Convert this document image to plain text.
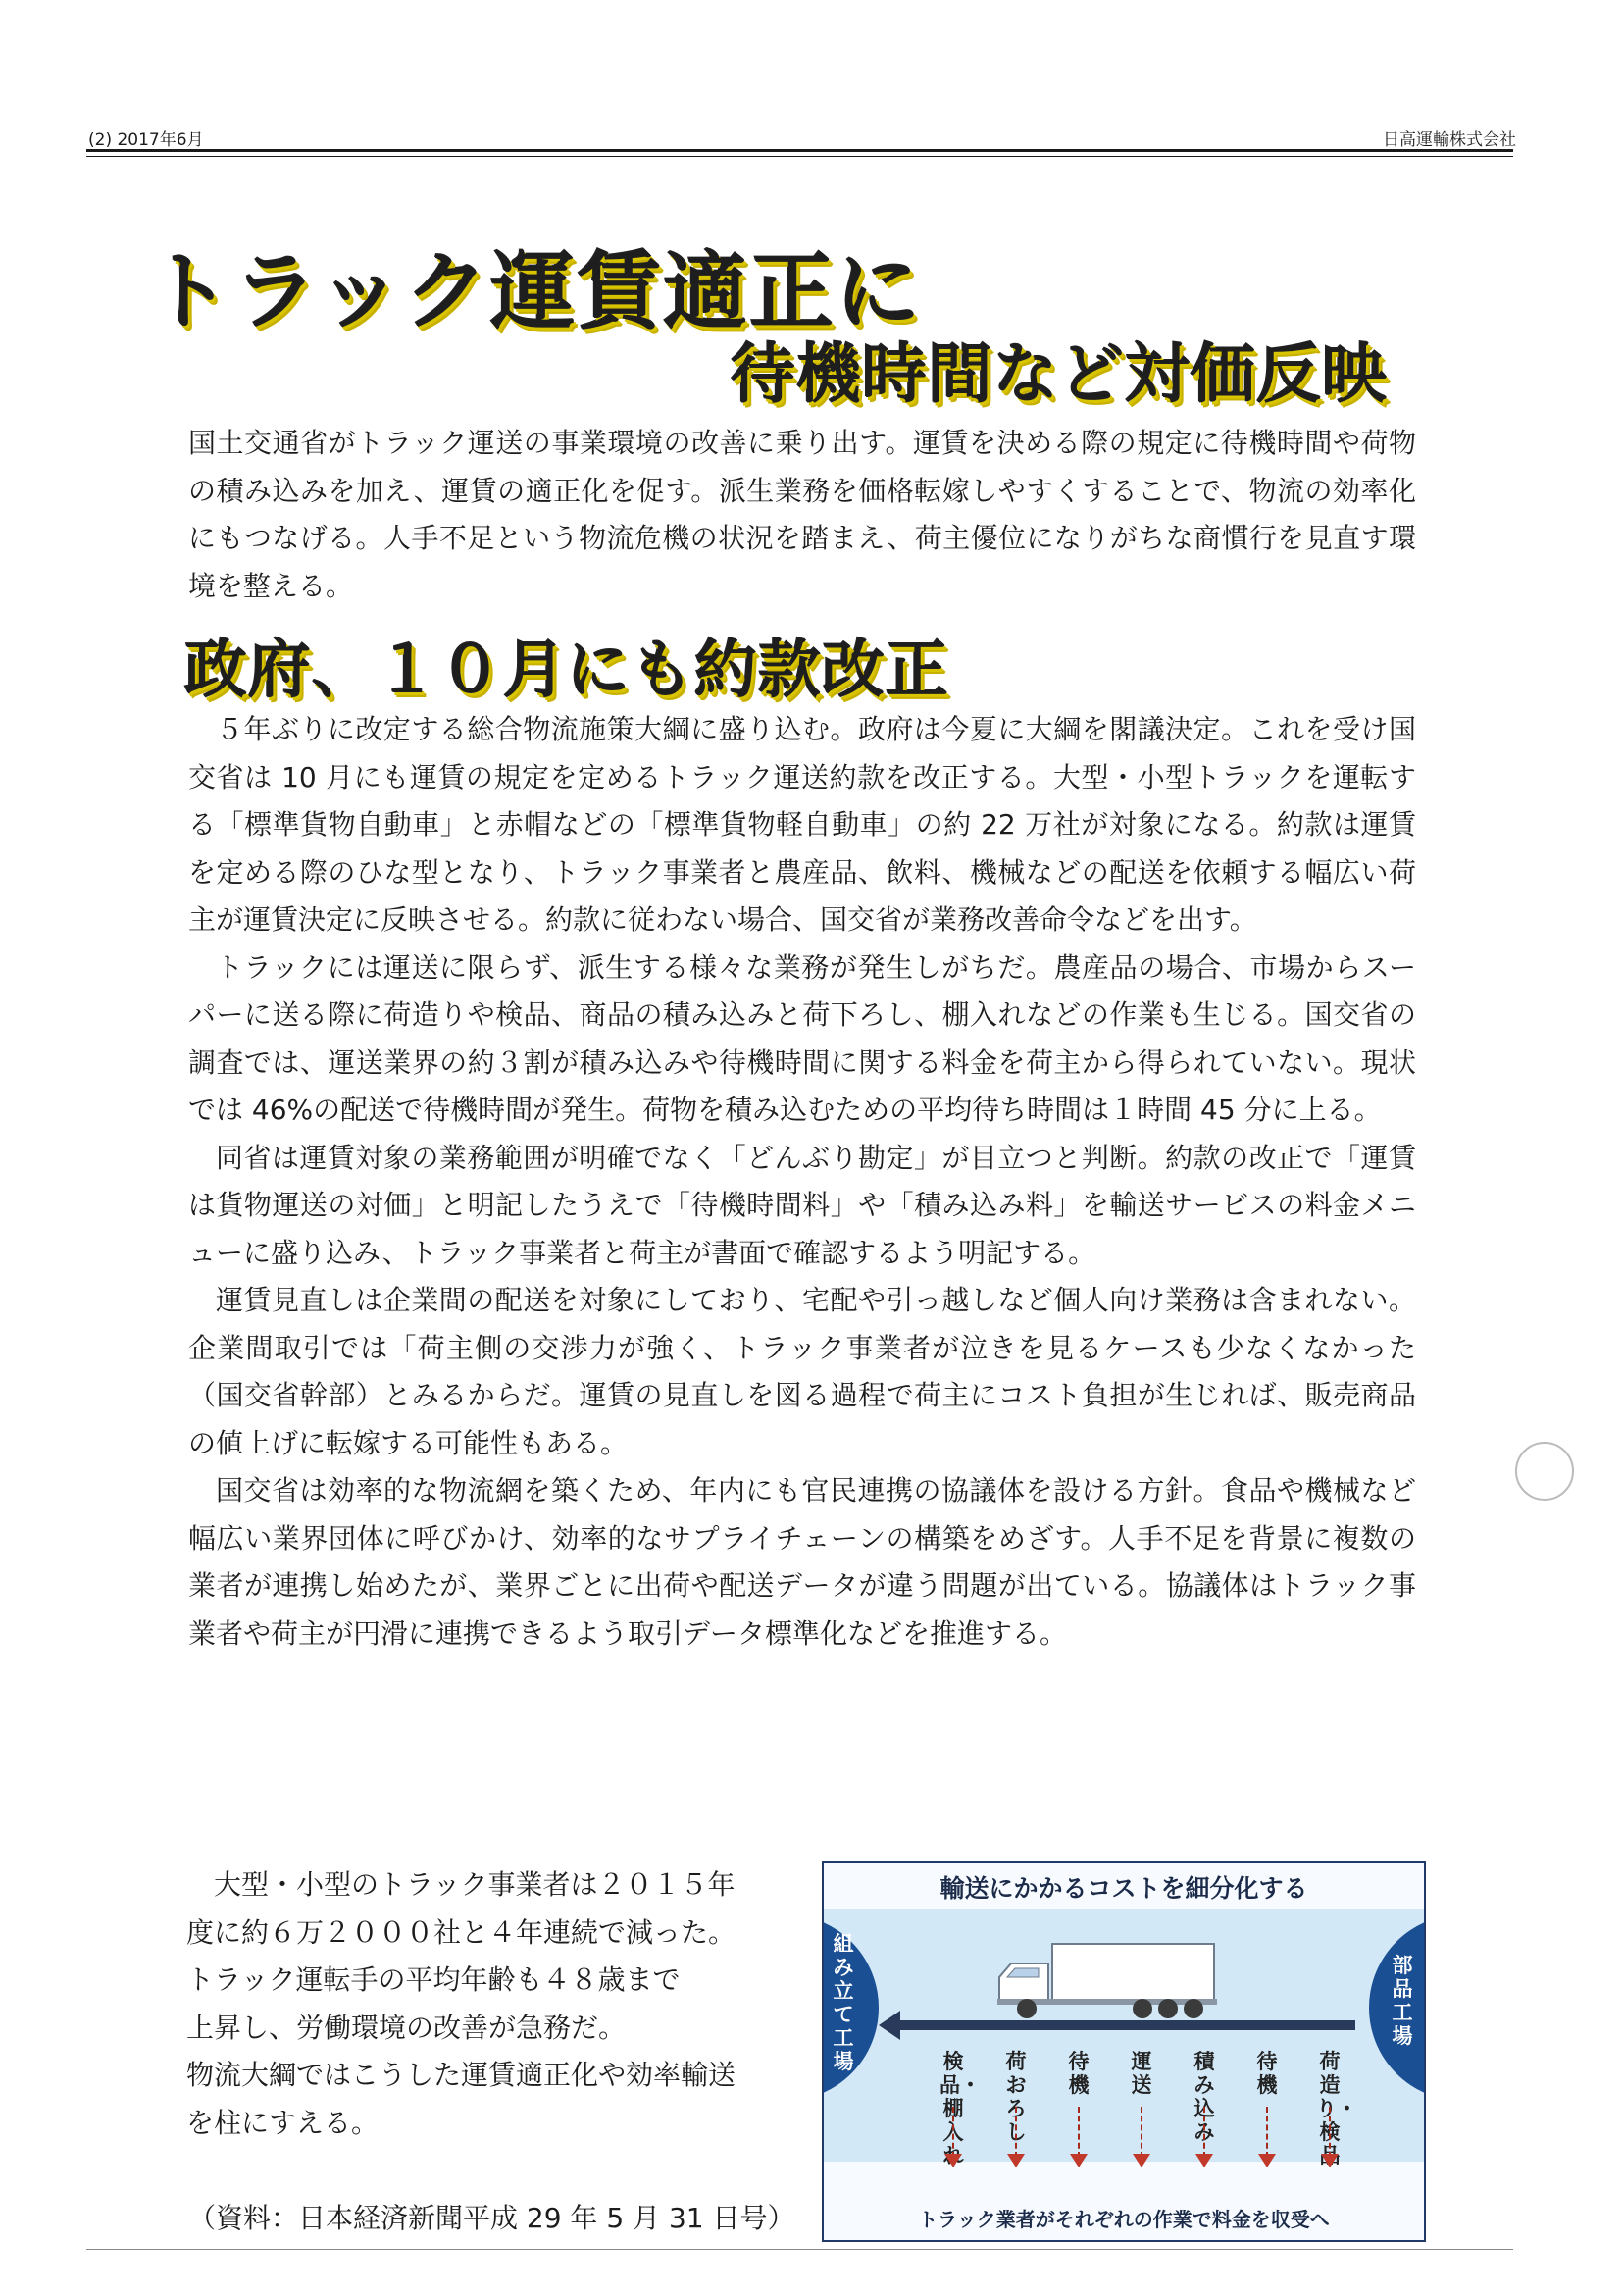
(2) 2017年6月	日高運輸株式会社
トラック運賃適正に
待機時間など対価反映
国土交通省がトラック運送の事業環境の改善に乗り出す。運賃を決める際の規定に待機時間や荷物の積み込みを加え、運賃の適正化を促す。派生業務を価格転嫁しやすくすることで、物流の効率化にもつなげる。人手不足という物流危機の状況を踏まえ、荷主優位になりがちな商慣行を見直す環境を整える。
政府、１０月にも約款改正

５年ぶりに改定する総合物流施策大綱に盛り込む。政府は今夏に大綱を閣議決定。これを受け国交省は 10 月にも運賃の規定を定めるトラック運送約款を改正する。大型・小型トラックを運転する「標準貨物自動車」と赤帽などの「標準貨物軽自動車」の約 22 万社が対象になる。約款は運賃を定める際のひな型となり、トラック事業者と農産品、飲料、機械などの配送を依頼する幅広い荷主が運賃決定に反映させる。約款に従わない場合、国交省が業務改善命令などを出す。

トラックには運送に限らず、派生する様々な業務が発生しがちだ。農産品の場合、市場からスーパーに送る際に荷造りや検品、商品の積み込みと荷下ろし、棚入れなどの作業も生じる。国交省の調査では、運送業界の約３割が積み込みや待機時間に関する料金を荷主から得られていない。現状では 46%の配送で待機時間が発生。荷物を積み込むための平均待ち時間は１時間 45 分に上る。

同省は運賃対象の業務範囲が明確でなく「どんぶり勘定」が目立つと判断。約款の改正で「運賃は貨物運送の対価」と明記したうえで「待機時間料」や「積み込み料」を輸送サービスの料金メニューに盛り込み、トラック事業者と荷主が書面で確認するよう明記する。

運賃見直しは企業間の配送を対象にしており、宅配や引っ越しなど個人向け業務は含まれない。企業間取引では「荷主側の交渉力が強く、トラック事業者が泣きを見るケースも少なくなかった（国交省幹部）とみるからだ。運賃の見直しを図る過程で荷主にコスト負担が生じれば、販売商品の値上げに転嫁する可能性もある。

国交省は効率的な物流網を築くため、年内にも官民連携の協議体を設ける方針。食品や機械など幅広い業界団体に呼びかけ、効率的なサプライチェーンの構築をめざす。人手不足を背景に複数の業者が連携し始めたが、業界ごとに出荷や配送データが違う問題が出ている。協議体はトラック事業者や荷主が円滑に連携できるよう取引データ標準化などを推進する。

　大型・小型のトラック事業者は２０１５年

度に約６万２０００社と４年連続で減った。

トラック運転手の平均年齢も４８歳まで

上昇し、労働環境の改善が急務だ。

物流大綱ではこうした運賃適正化や効率輸送

を柱にすえる。

（資料：日本経済新聞平成 29 年 5 月 31 日号）
輸送にかかるコストを細分化する
組み立て工場
部品工場
検品・棚入れ
荷おろし
待機
運送
積み込み
待機
荷造り・検品
トラック業者がそれぞれの作業で料金を収受へ
